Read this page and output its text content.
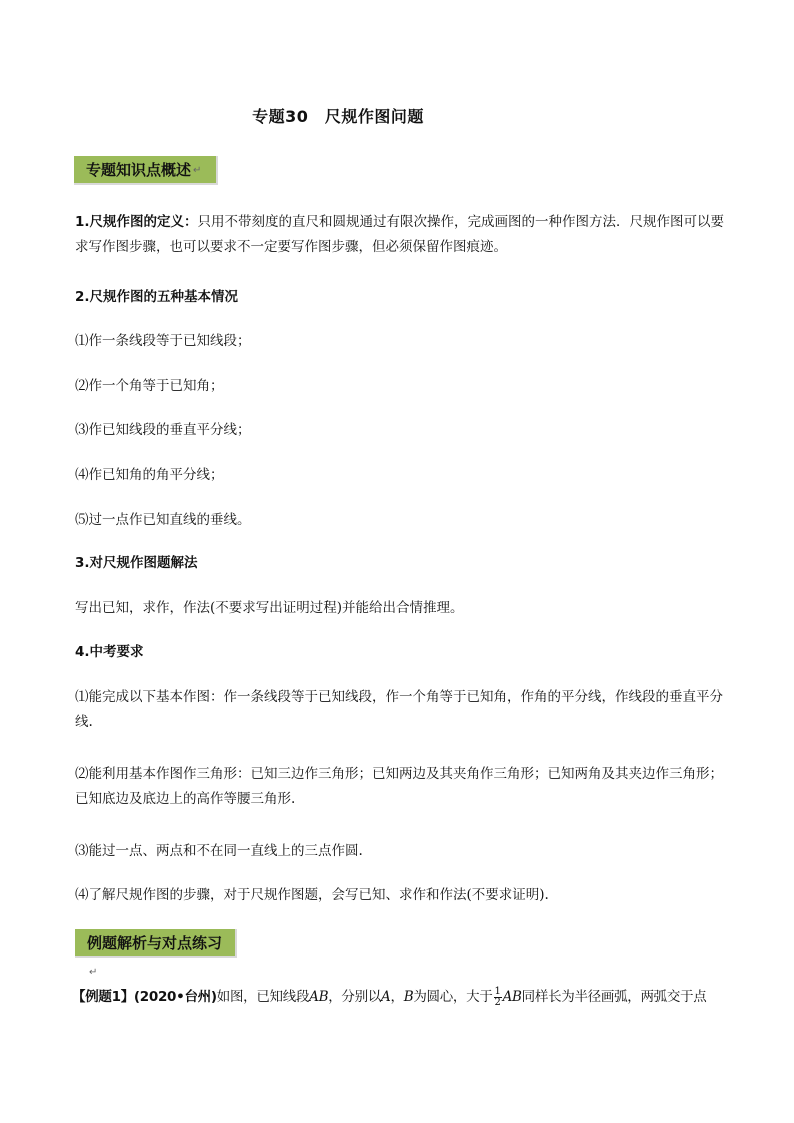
专题30　尺规作图问题
专题知识点概述 ↵
1.尺规作图的定义：只用不带刻度的直尺和圆规通过有限次操作，完成画图的一种作图方法．尺规作图可以要求写作图步骤，也可以要求不一定要写作图步骤，但必须保留作图痕迹。
2.尺规作图的五种基本情况
⑴作一条线段等于已知线段；
⑵作一个角等于已知角；
⑶作已知线段的垂直平分线；
⑷作已知角的角平分线；
⑸过一点作已知直线的垂线。
3.对尺规作图题解法
写出已知，求作，作法(不要求写出证明过程)并能给出合情推理。
4.中考要求
⑴能完成以下基本作图：作一条线段等于已知线段，作一个角等于已知角，作角的平分线，作线段的垂直平分线.
⑵能利用基本作图作三角形：已知三边作三角形；已知两边及其夹角作三角形；已知两角及其夹边作三角形；已知底边及底边上的高作等腰三角形.
⑶能过一点、两点和不在同一直线上的三点作圆.
⑷了解尺规作图的步骤，对于尺规作图题，会写已知、求作和作法(不要求证明).
例题解析与对点练习↵
【例题1】(2020•台州)如图，已知线段AB，分别以A，B为圆心，大于 $\frac{1}{2}$ AB同样长为半径画弧，两弧交于点
